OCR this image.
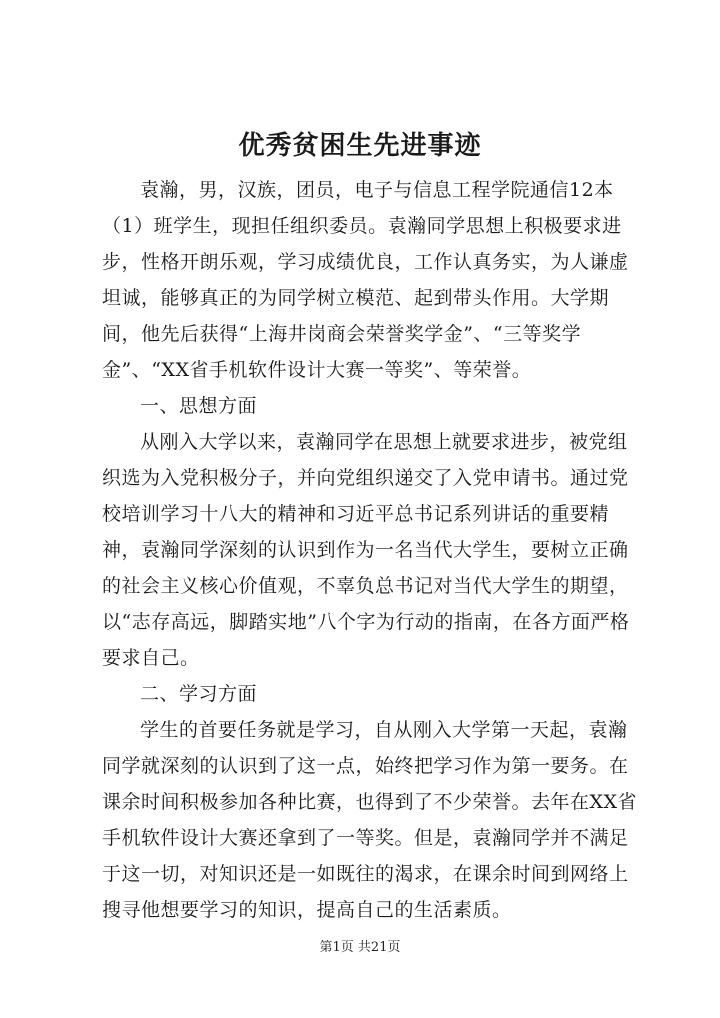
优秀贫困生先进事迹

袁瀚，男，汉族，团员，电子与信息工程学院通信12本（1）班学生，现担任组织委员。袁瀚同学思想上积极要求进步，性格开朗乐观，学习成绩优良，工作认真务实，为人谦虚坦诚，能够真正的为同学树立模范、起到带头作用。大学期间，他先后获得“上海井岗商会荣誉奖学金”、“三等奖学金”、“XX省手机软件设计大赛一等奖”、等荣誉。

一、思想方面

从刚入大学以来，袁瀚同学在思想上就要求进步，被党组织选为入党积极分子，并向党组织递交了入党申请书。通过党校培训学习十八大的精神和习近平总书记系列讲话的重要精神，袁瀚同学深刻的认识到作为一名当代大学生，要树立正确的社会主义核心价值观，不辜负总书记对当代大学生的期望，以“志存高远，脚踏实地”八个字为行动的指南，在各方面严格要求自己。

二、学习方面

学生的首要任务就是学习，自从刚入大学第一天起，袁瀚同学就深刻的认识到了这一点，始终把学习作为第一要务。在课余时间积极参加各种比赛，也得到了不少荣誉。去年在XX省手机软件设计大赛还拿到了一等奖。但是，袁瀚同学并不满足于这一切，对知识还是一如既往的渴求，在课余时间到网络上搜寻他想要学习的知识，提高自己的生活素质。

第1页 共21页
